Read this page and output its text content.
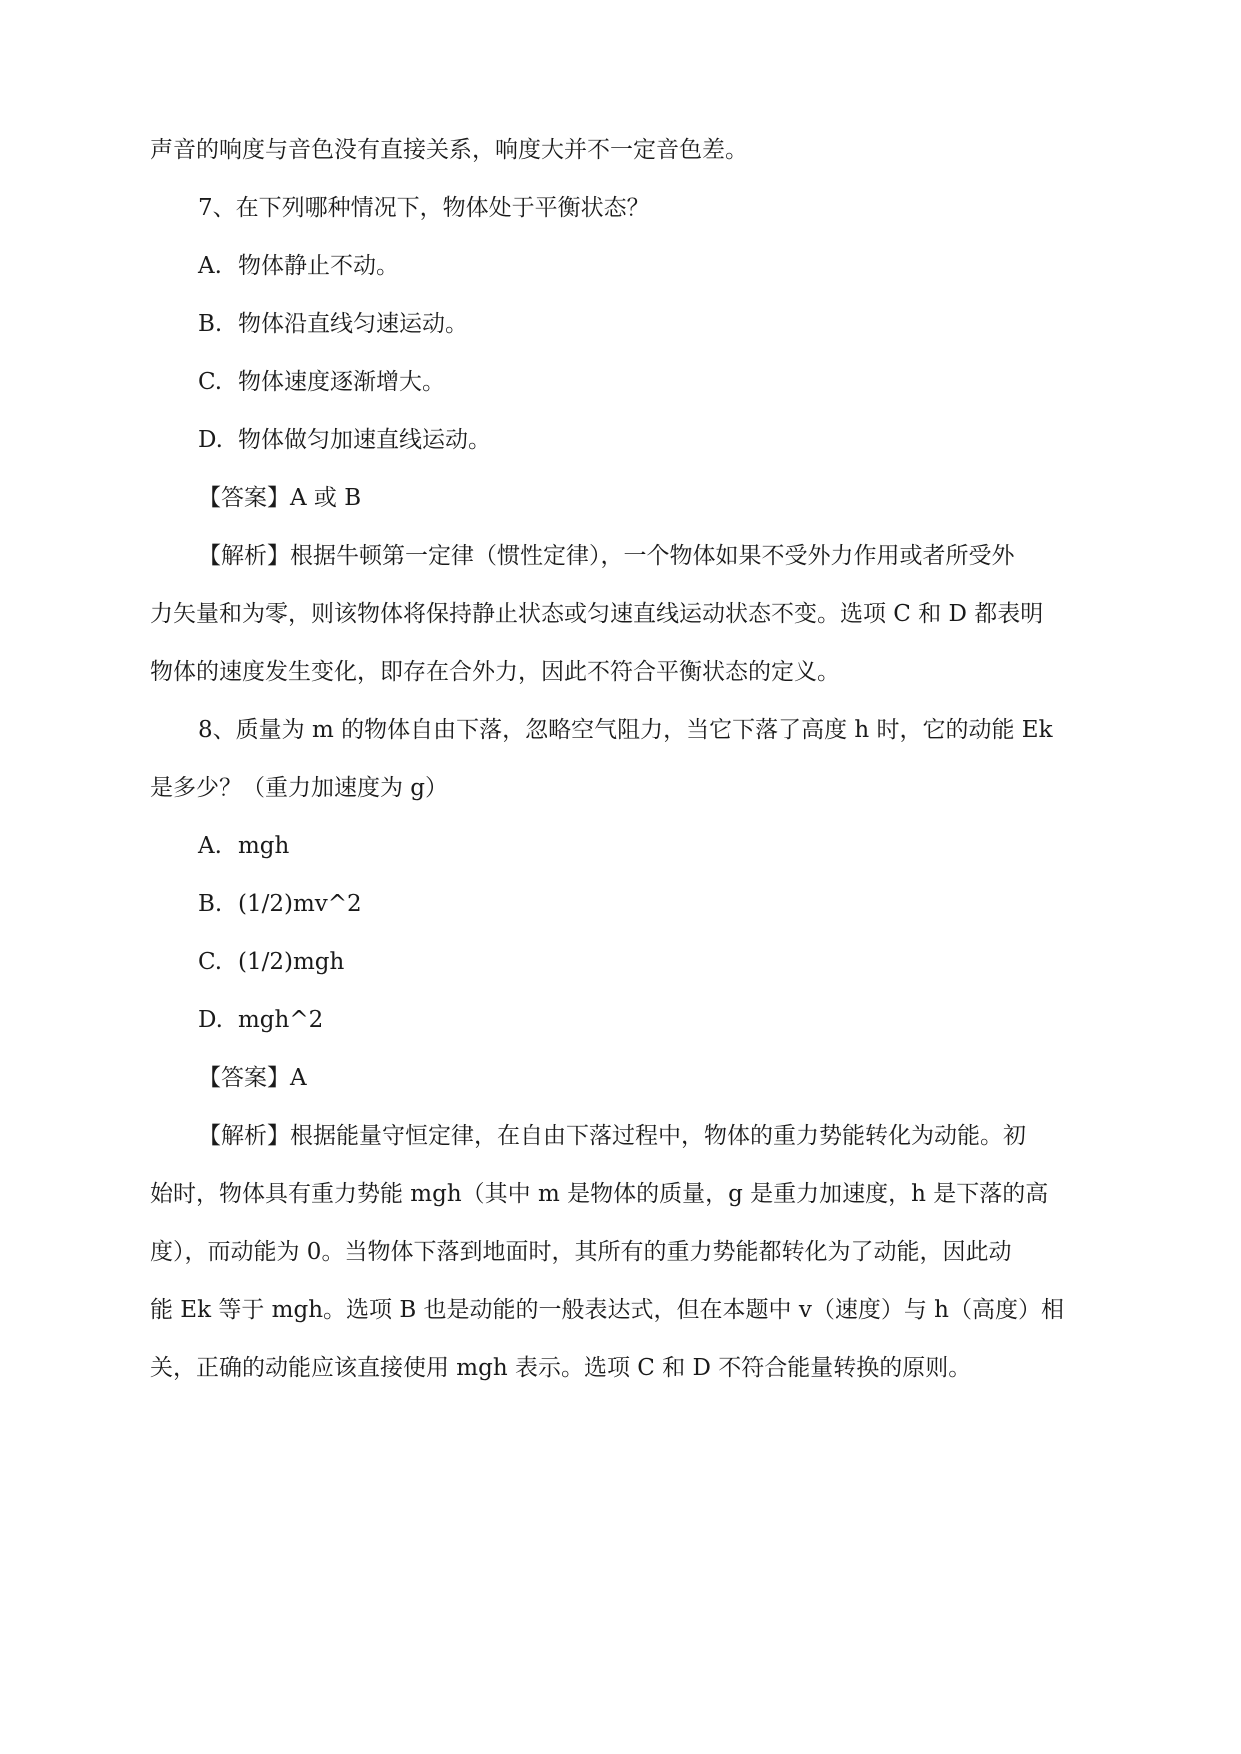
声音的响度与音色没有直接关系，响度大并不一定音色差。

7、在下列哪种情况下，物体处于平衡状态？

A. 物体静止不动。

B. 物体沿直线匀速运动。

C. 物体速度逐渐增大。

D. 物体做匀加速直线运动。

【答案】A 或 B

【解析】根据牛顿第一定律（惯性定律），一个物体如果不受外力作用或者所受外

力矢量和为零，则该物体将保持静止状态或匀速直线运动状态不变。选项 C 和 D 都表明

物体的速度发生变化，即存在合外力，因此不符合平衡状态的定义。

8、质量为 m 的物体自由下落，忽略空气阻力，当它下落了高度 h 时，它的动能 Ek

是多少？（重力加速度为 g）

A. mgh

B. (1/2)mv^2

C. (1/2)mgh

D. mgh^2

【答案】A

【解析】根据能量守恒定律，在自由下落过程中，物体的重力势能转化为动能。初

始时，物体具有重力势能 mgh（其中 m 是物体的质量，g 是重力加速度，h 是下落的高

度），而动能为 0。当物体下落到地面时，其所有的重力势能都转化为了动能，因此动

能 Ek 等于 mgh。选项 B 也是动能的一般表达式，但在本题中 v（速度）与 h（高度）相

关，正确的动能应该直接使用 mgh 表示。选项 C 和 D 不符合能量转换的原则。
